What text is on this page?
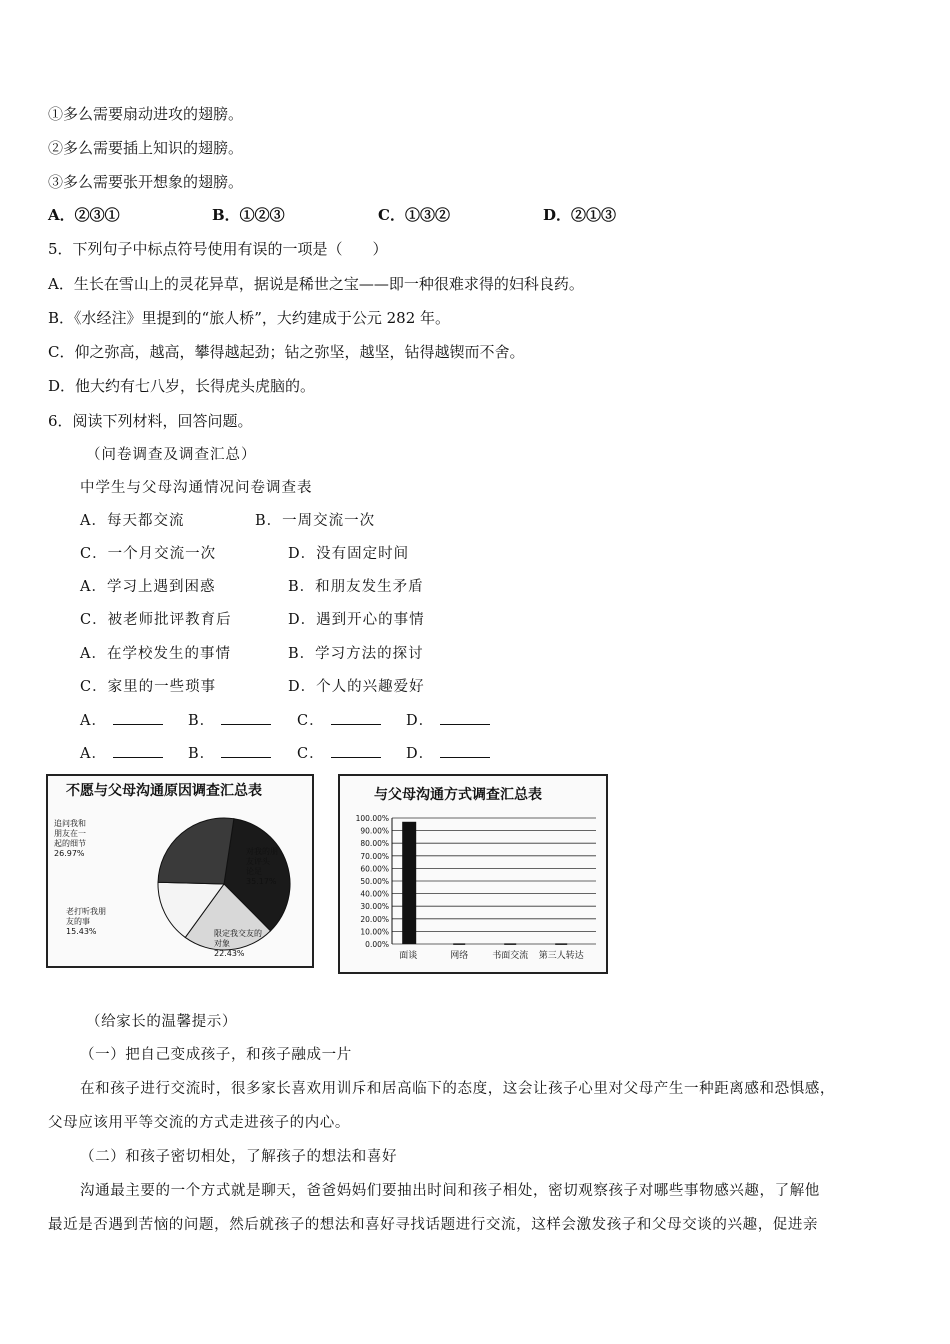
①多么需要扇动进攻的翅膀。
②多么需要插上知识的翅膀。
③多么需要张开想象的翅膀。
A．②③①	B．①②③	C．①③②	D．②①③
5．下列句子中标点符号使用有误的一项是（　　）
A．生长在雪山上的灵花异草，据说是稀世之宝——即一种很难求得的妇科良药。
B．《水经注》里提到的“旅人桥”，大约建成于公元 282 年。
C．仰之弥高，越高，攀得越起劲；钻之弥坚，越坚，钻得越锲而不舍。
D．他大约有七八岁，长得虎头虎脑的。
6．阅读下列材料，回答问题。
（问卷调查及调查汇总）
中学生与父母沟通情况问卷调查表
A．每天都交流	B．一周交流一次
C．一个月交流一次	D．没有固定时间
A．学习上遇到困惑	B．和朋友发生矛盾
C．被老师批评教育后	D．遇到开心的事情
A．在学校发生的事情	B．学习方法的探讨
C．家里的一些琐事	D．个人的兴趣爱好
A．	B．	C．	D．
A．	B．	C．	D．
不愿与父母沟通原因调查汇总表
对我的朋
友评头
论足
35.17%
限定我交友的
对象
22.43%
老打听我朋
友的事
15.43%
追问我和
朋友在一
起的细节
26.97%
与父母沟通方式调查汇总表
100.00%
90.00%
80.00%
70.00%
60.00%
50.00%
40.00%
30.00%
20.00%
10.00%
0.00%
面谈	网络	书面交流 第三人转达
（给家长的温馨提示）
（一）把自己变成孩子，和孩子融成一片
在和孩子进行交流时，很多家长喜欢用训斥和居高临下的态度，这会让孩子心里对父母产生一种距离感和恐惧感，
父母应该用平等交流的方式走进孩子的内心。
（二）和孩子密切相处，了解孩子的想法和喜好
沟通最主要的一个方式就是聊天，爸爸妈妈们要抽出时间和孩子相处，密切观察孩子对哪些事物感兴趣，了解他
最近是否遇到苦恼的问题，然后就孩子的想法和喜好寻找话题进行交流，这样会激发孩子和父母交谈的兴趣，促进亲
